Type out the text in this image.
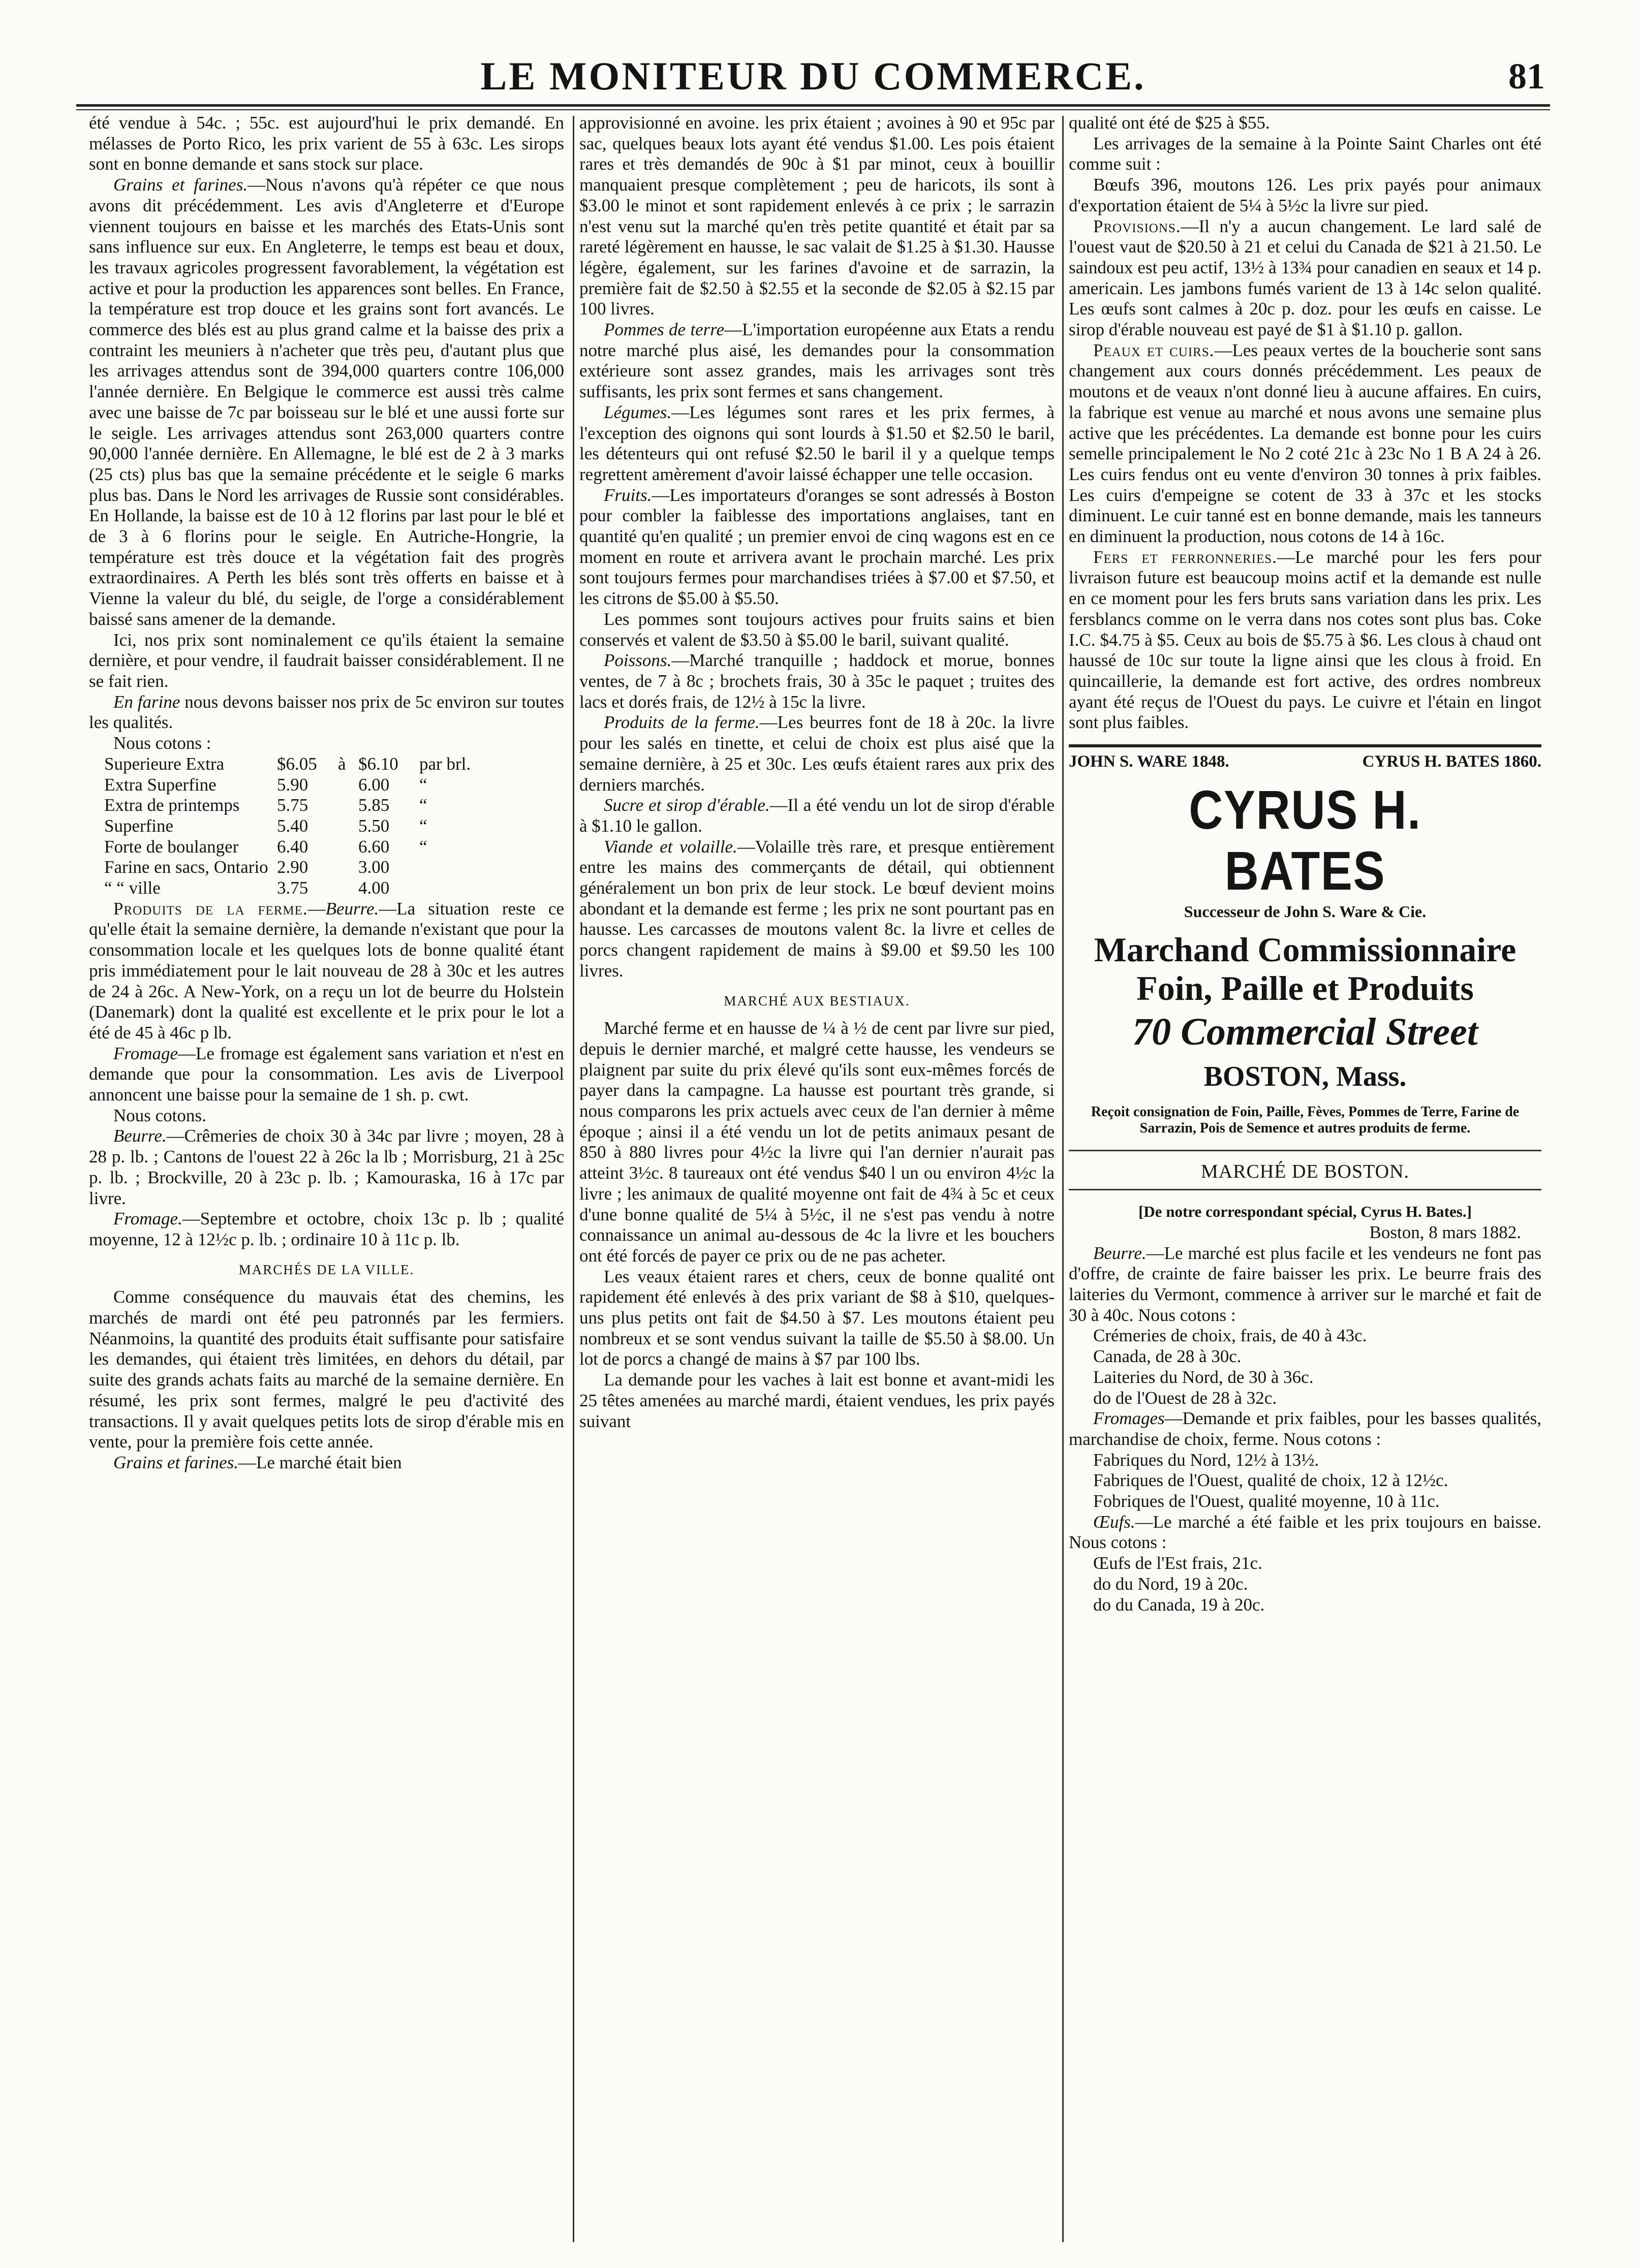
LE MONITEUR DU COMMERCE.	81

été vendue à 54c. ; 55c. est aujourd'hui le prix demandé. En mélasses de Porto Rico, les prix varient de 55 à 63c. Les sirops sont en bonne demande et sans stock sur place.

Grains et farines.—Nous n'avons qu'à répéter ce que nous avons dit précédemment. Les avis d'Angleterre et d'Europe viennent toujours en baisse et les marchés des Etats-Unis sont sans influence sur eux. En Angleterre, le temps est beau et doux, les travaux agricoles progressent favorablement, la végétation est active et pour la production les apparences sont belles. En France, la température est trop douce et les grains sont fort avancés. Le commerce des blés est au plus grand calme et la baisse des prix a contraint les meuniers à n'acheter que très peu, d'autant plus que les arrivages attendus sont de 394,000 quarters contre 106,000 l'année dernière. En Belgique le commerce est aussi très calme avec une baisse de 7c par boisseau sur le blé et une aussi forte sur le seigle. Les arrivages attendus sont 263,000 quarters contre 90,000 l'année dernière. En Allemagne, le blé est de 2 à 3 marks (25 cts) plus bas que la semaine précédente et le seigle 6 marks plus bas. Dans le Nord les arrivages de Russie sont considérables. En Hollande, la baisse est de 10 à 12 florins par last pour le blé et de 3 à 6 florins pour le seigle. En Autriche-Hongrie, la température est très douce et la végétation fait des progrès extraordinaires. A Perth les blés sont très offerts en baisse et à Vienne la valeur du blé, du seigle, de l'orge a considérablement baissé sans amener de la demande.

Ici, nos prix sont nominalement ce qu'ils étaient la semaine dernière, et pour vendre, il faudrait baisser considérablement. Il ne se fait rien.

En farine nous devons baisser nos prix de 5c environ sur toutes les qualités.

Nous cotons :

Superieure Extra	$6.05	à	$6.10	par brl.
Extra Superfine	5.90		6.00	“
Extra de printemps	5.75		5.85	“
Superfine	5.40		5.50	“
Forte de boulanger	6.40		6.60	“
Farine en sacs, Ontario	2.90		3.00	
“ “ ville	3.75		4.00	

Produits de la ferme.—Beurre.—La situation reste ce qu'elle était la semaine dernière, la demande n'existant que pour la consommation locale et les quelques lots de bonne qualité étant pris immédiatement pour le lait nouveau de 28 à 30c et les autres de 24 à 26c. A New-York, on a reçu un lot de beurre du Holstein (Danemark) dont la qualité est excellente et le prix pour le lot a été de 45 à 46c p lb.

Fromage—Le fromage est également sans variation et n'est en demande que pour la consommation. Les avis de Liverpool annoncent une baisse pour la semaine de 1 sh. p. cwt.

Nous cotons.

Beurre.—Crêmeries de choix 30 à 34c par livre ; moyen, 28 à 28 p. lb. ; Cantons de l'ouest 22 à 26c la lb ; Morrisburg, 21 à 25c p. lb. ; Brockville, 20 à 23c p. lb. ; Kamouraska, 16 à 17c par livre.

Fromage.—Septembre et octobre, choix 13c p. lb ; qualité moyenne, 12 à 12½c p. lb. ; ordinaire 10 à 11c p. lb.

MARCHÉS DE LA VILLE.

Comme conséquence du mauvais état des chemins, les marchés de mardi ont été peu patronnés par les fermiers. Néanmoins, la quantité des produits était suffisante pour satisfaire les demandes, qui étaient très limitées, en dehors du détail, par suite des grands achats faits au marché de la semaine dernière. En résumé, les prix sont fermes, malgré le peu d'activité des transactions. Il y avait quelques petits lots de sirop d'érable mis en vente, pour la première fois cette année.

Grains et farines.—Le marché était bien

approvisionné en avoine. les prix étaient ; avoines à 90 et 95c par sac, quelques beaux lots ayant été vendus $1.00. Les pois étaient rares et très demandés de 90c à $1 par minot, ceux à bouillir manquaient presque complètement ; peu de haricots, ils sont à $3.00 le minot et sont rapidement enlevés à ce prix ; le sarrazin n'est venu sut la marché qu'en très petite quantité et était par sa rareté légèrement en hausse, le sac valait de $1.25 à $1.30. Hausse légère, également, sur les farines d'avoine et de sarrazin, la première fait de $2.50 à $2.55 et la seconde de $2.05 à $2.15 par 100 livres.

Pommes de terre—L'importation européenne aux Etats a rendu notre marché plus aisé, les demandes pour la consommation extérieure sont assez grandes, mais les arrivages sont très suffisants, les prix sont fermes et sans changement.

Légumes.—Les légumes sont rares et les prix fermes, à l'exception des oignons qui sont lourds à $1.50 et $2.50 le baril, les détenteurs qui ont refusé $2.50 le baril il y a quelque temps regrettent amèrement d'avoir laissé échapper une telle occasion.

Fruits.—Les importateurs d'oranges se sont adressés à Boston pour combler la faiblesse des importations anglaises, tant en quantité qu'en qualité ; un premier envoi de cinq wagons est en ce moment en route et arrivera avant le prochain marché. Les prix sont toujours fermes pour marchandises triées à $7.00 et $7.50, et les citrons de $5.00 à $5.50.

Les pommes sont toujours actives pour fruits sains et bien conservés et valent de $3.50 à $5.00 le baril, suivant qualité.

Poissons.—Marché tranquille ; haddock et morue, bonnes ventes, de 7 à 8c ; brochets frais, 30 à 35c le paquet ; truites des lacs et dorés frais, de 12½ à 15c la livre.

Produits de la ferme.—Les beurres font de 18 à 20c. la livre pour les salés en tinette, et celui de choix est plus aisé que la semaine dernière, à 25 et 30c. Les œufs étaient rares aux prix des derniers marchés.

Sucre et sirop d'érable.—Il a été vendu un lot de sirop d'érable à $1.10 le gallon.

Viande et volaille.—Volaille très rare, et presque entièrement entre les mains des commerçants de détail, qui obtiennent généralement un bon prix de leur stock. Le bœuf devient moins abondant et la demande est ferme ; les prix ne sont pourtant pas en hausse. Les carcasses de moutons valent 8c. la livre et celles de porcs changent rapidement de mains à $9.00 et $9.50 les 100 livres.

MARCHÉ AUX BESTIAUX.

Marché ferme et en hausse de ¼ à ½ de cent par livre sur pied, depuis le dernier marché, et malgré cette hausse, les vendeurs se plaignent par suite du prix élevé qu'ils sont eux-mêmes forcés de payer dans la campagne. La hausse est pourtant très grande, si nous comparons les prix actuels avec ceux de l'an dernier à même époque ; ainsi il a été vendu un lot de petits animaux pesant de 850 à 880 livres pour 4½c la livre qui l'an dernier n'aurait pas atteint 3½c. 8 taureaux ont été vendus $40 l un ou environ 4½c la livre ; les animaux de qualité moyenne ont fait de 4¾ à 5c et ceux d'une bonne qualité de 5¼ à 5½c, il ne s'est pas vendu à notre connaissance un animal au-dessous de 4c la livre et les bouchers ont été forcés de payer ce prix ou de ne pas acheter.

Les veaux étaient rares et chers, ceux de bonne qualité ont rapidement été enlevés à des prix variant de $8 à $10, quelques-uns plus petits ont fait de $4.50 à $7. Les moutons étaient peu nombreux et se sont vendus suivant la taille de $5.50 à $8.00. Un lot de porcs a changé de mains à $7 par 100 lbs.

La demande pour les vaches à lait est bonne et avant-midi les 25 têtes amenées au marché mardi, étaient vendues, les prix payés suivant

qualité ont été de $25 à $55.

Les arrivages de la semaine à la Pointe Saint Charles ont été comme suit :

Bœufs 396, moutons 126. Les prix payés pour animaux d'exportation étaient de 5¼ à 5½c la livre sur pied.

Provisions.—Il n'y a aucun changement. Le lard salé de l'ouest vaut de $20.50 à 21 et celui du Canada de $21 à 21.50. Le saindoux est peu actif, 13½ à 13¾ pour canadien en seaux et 14 p. americain. Les jambons fumés varient de 13 à 14c selon qualité. Les œufs sont calmes à 20c p. doz. pour les œufs en caisse. Le sirop d'érable nouveau est payé de $1 à $1.10 p. gallon.

Peaux et cuirs.—Les peaux vertes de la boucherie sont sans changement aux cours donnés précédemment. Les peaux de moutons et de veaux n'ont donné lieu à aucune affaires. En cuirs, la fabrique est venue au marché et nous avons une semaine plus active que les précédentes. La demande est bonne pour les cuirs semelle principalement le No 2 coté 21c à 23c No 1 B A 24 à 26. Les cuirs fendus ont eu vente d'environ 30 tonnes à prix faibles. Les cuirs d'empeigne se cotent de 33 à 37c et les stocks diminuent. Le cuir tanné est en bonne demande, mais les tanneurs en diminuent la production, nous cotons de 14 à 16c.

Fers et ferronneries.—Le marché pour les fers pour livraison future est beaucoup moins actif et la demande est nulle en ce moment pour les fers bruts sans variation dans les prix. Les fersblancs comme on le verra dans nos cotes sont plus bas. Coke I.C. $4.75 à $5. Ceux au bois de $5.75 à $6. Les clous à chaud ont haussé de 10c sur toute la ligne ainsi que les clous à froid. En quincaillerie, la demande est fort active, des ordres nombreux ayant été reçus de l'Ouest du pays. Le cuivre et l'étain en lingot sont plus faibles.

JOHN S. WARE 1848.	CYRUS H. BATES 1860.
CYRUS H. BATES
Successeur de John S. Ware & Cie.
Marchand Commissionnaire
Foin, Paille et Produits
70 Commercial Street
BOSTON, Mass.
Reçoit consignation de Foin, Paille, Fèves, Pommes de Terre, Farine de Sarrazin, Pois de Semence et autres produits de ferme.
MARCHÉ DE BOSTON.
[De notre correspondant spécial, Cyrus H. Bates.]
Boston, 8 mars 1882.

Beurre.—Le marché est plus facile et les vendeurs ne font pas d'offre, de crainte de faire baisser les prix. Le beurre frais des laiteries du Vermont, commence à arriver sur le marché et fait de 30 à 40c. Nous cotons :

Crémeries de choix, frais, de 40 à 43c.
Canada, de 28 à 30c.
Laiteries du Nord, de 30 à 36c.
do de l'Ouest de 28 à 32c.

Fromages—Demande et prix faibles, pour les basses qualités, marchandise de choix, ferme. Nous cotons :

Fabriques du Nord, 12½ à 13½.
Fabriques de l'Ouest, qualité de choix, 12 à 12½c.
Fobriques de l'Ouest, qualité moyenne, 10 à 11c.

Œufs.—Le marché a été faible et les prix toujours en baisse. Nous cotons :

Œufs de l'Est frais, 21c.
do du Nord, 19 à 20c.
do du Canada, 19 à 20c.
